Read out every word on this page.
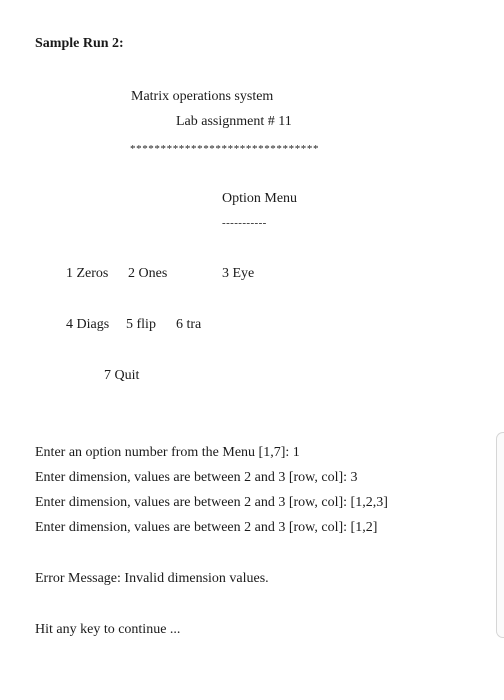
Sample Run 2:
Matrix operations system
Lab assignment # 11
*******************************
Option Menu
-----------
1 Zeros 2 Ones	3 Eye
4 Diags 5 flip 6 tra
7 Quit
Enter an option number from the Menu [1,7]: 1
Enter dimension, values are between 2 and 3 [row, col]: 3
Enter dimension, values are between 2 and 3 [row, col]: [1,2,3]
Enter dimension, values are between 2 and 3 [row, col]: [1,2]
Error Message: Invalid dimension values.
Hit any key to continue ...
